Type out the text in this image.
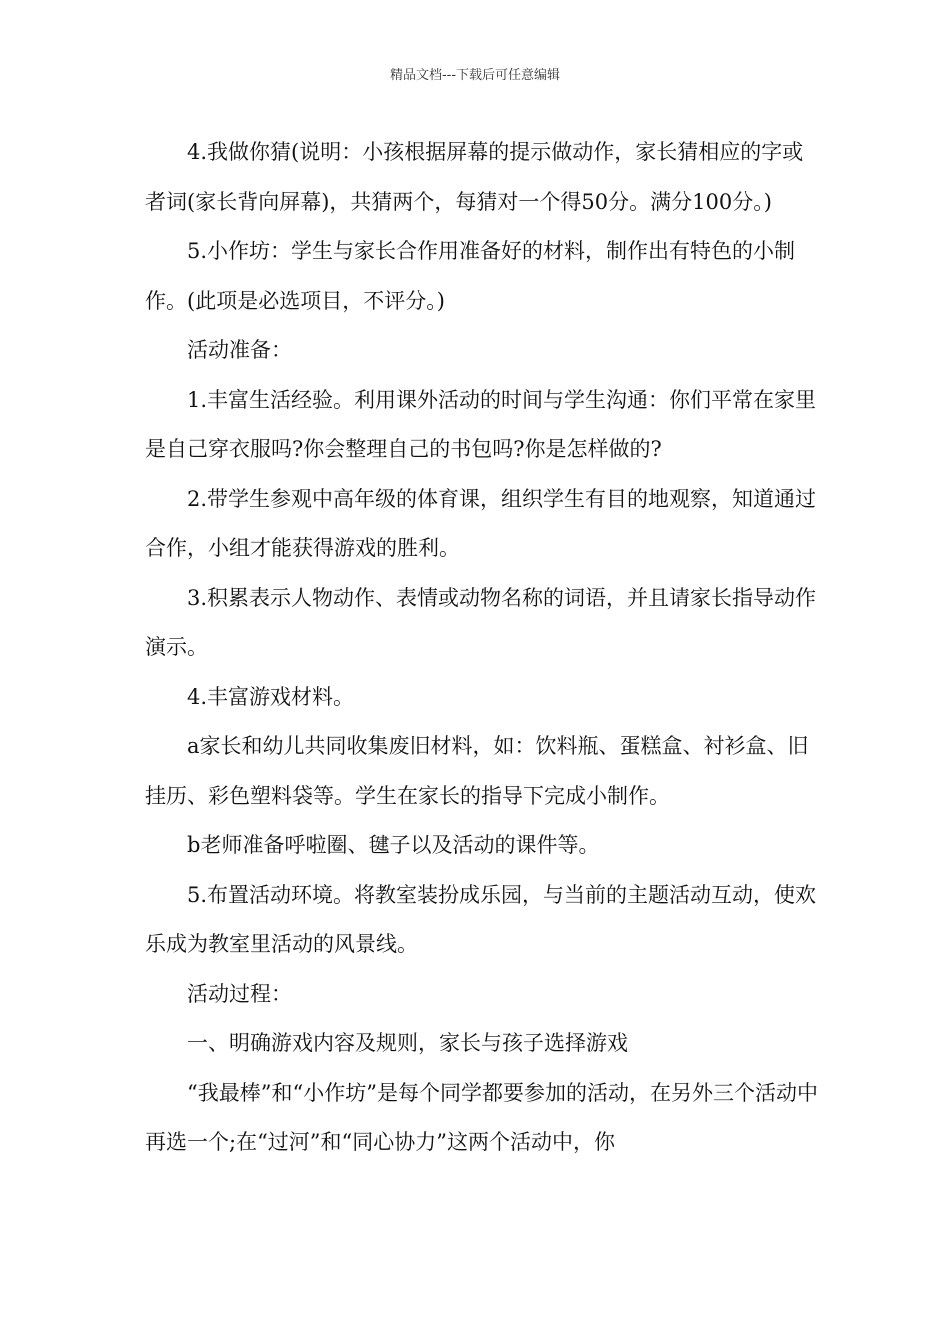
精品文档---下载后可任意编辑

4.我做你猜(说明：小孩根据屏幕的提示做动作，家长猜相应的字或者词(家长背向屏幕)，共猜两个，每猜对一个得50分。满分100分。)

5.小作坊：学生与家长合作用准备好的材料，制作出有特色的小制作。(此项是必选项目，不评分。)

活动准备：

1.丰富生活经验。利用课外活动的时间与学生沟通：你们平常在家里是自己穿衣服吗?你会整理自己的书包吗?你是怎样做的?

2.带学生参观中高年级的体育课，组织学生有目的地观察，知道通过合作，小组才能获得游戏的胜利。

3.积累表示人物动作、表情或动物名称的词语，并且请家长指导动作演示。

4.丰富游戏材料。

a家长和幼儿共同收集废旧材料，如：饮料瓶、蛋糕盒、衬衫盒、旧挂历、彩色塑料袋等。学生在家长的指导下完成小制作。

b老师准备呼啦圈、毽子以及活动的课件等。

5.布置活动环境。将教室装扮成乐园，与当前的主题活动互动，使欢乐成为教室里活动的风景线。

活动过程：

一、明确游戏内容及规则，家长与孩子选择游戏

“我最棒”和“小作坊”是每个同学都要参加的活动，在另外三个活动中再选一个;在“过河”和“同心协力”这两个活动中，你
